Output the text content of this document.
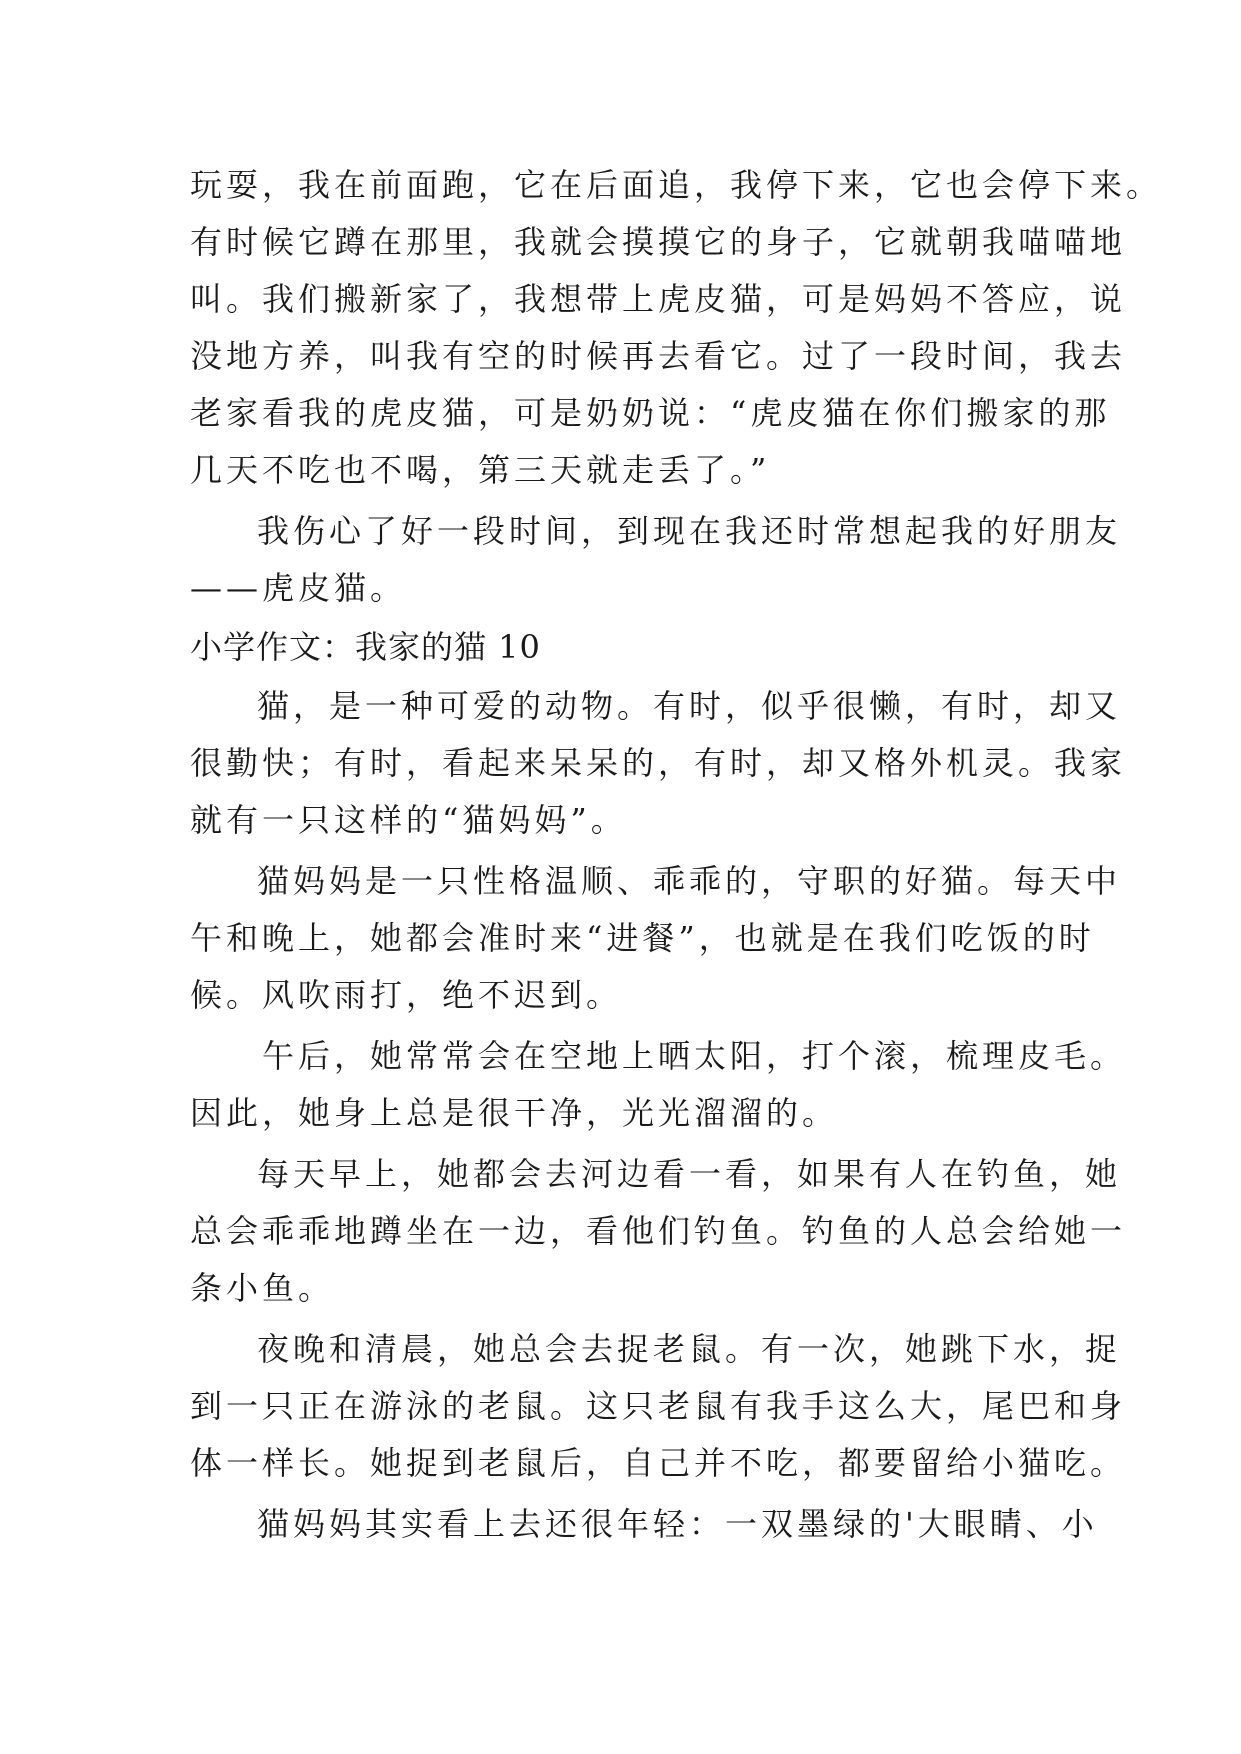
玩耍，我在前面跑，它在后面追，我停下来，它也会停下来。
有时候它蹲在那里，我就会摸摸它的身子，它就朝我喵喵地
叫。我们搬新家了，我想带上虎皮猫，可是妈妈不答应，说
没地方养，叫我有空的时候再去看它。过了一段时间，我去
老家看我的虎皮猫，可是奶奶说：“虎皮猫在你们搬家的那
几天不吃也不喝，第三天就走丢了。”
我伤心了好一段时间，到现在我还时常想起我的好朋友
——虎皮猫。
小学作文：我家的猫 10
猫，是一种可爱的动物。有时，似乎很懒，有时，却又
很勤快；有时，看起来呆呆的，有时，却又格外机灵。我家
就有一只这样的“猫妈妈”。
猫妈妈是一只性格温顺、乖乖的，守职的好猫。每天中
午和晚上，她都会准时来“进餐”，也就是在我们吃饭的时
候。风吹雨打，绝不迟到。
午后，她常常会在空地上晒太阳，打个滚，梳理皮毛。
因此，她身上总是很干净，光光溜溜的。
每天早上，她都会去河边看一看，如果有人在钓鱼，她
总会乖乖地蹲坐在一边，看他们钓鱼。钓鱼的人总会给她一
条小鱼。
夜晚和清晨，她总会去捉老鼠。有一次，她跳下水，捉
到一只正在游泳的老鼠。这只老鼠有我手这么大，尾巴和身
体一样长。她捉到老鼠后，自己并不吃，都要留给小猫吃。
猫妈妈其实看上去还很年轻：一双墨绿的'大眼睛、小
